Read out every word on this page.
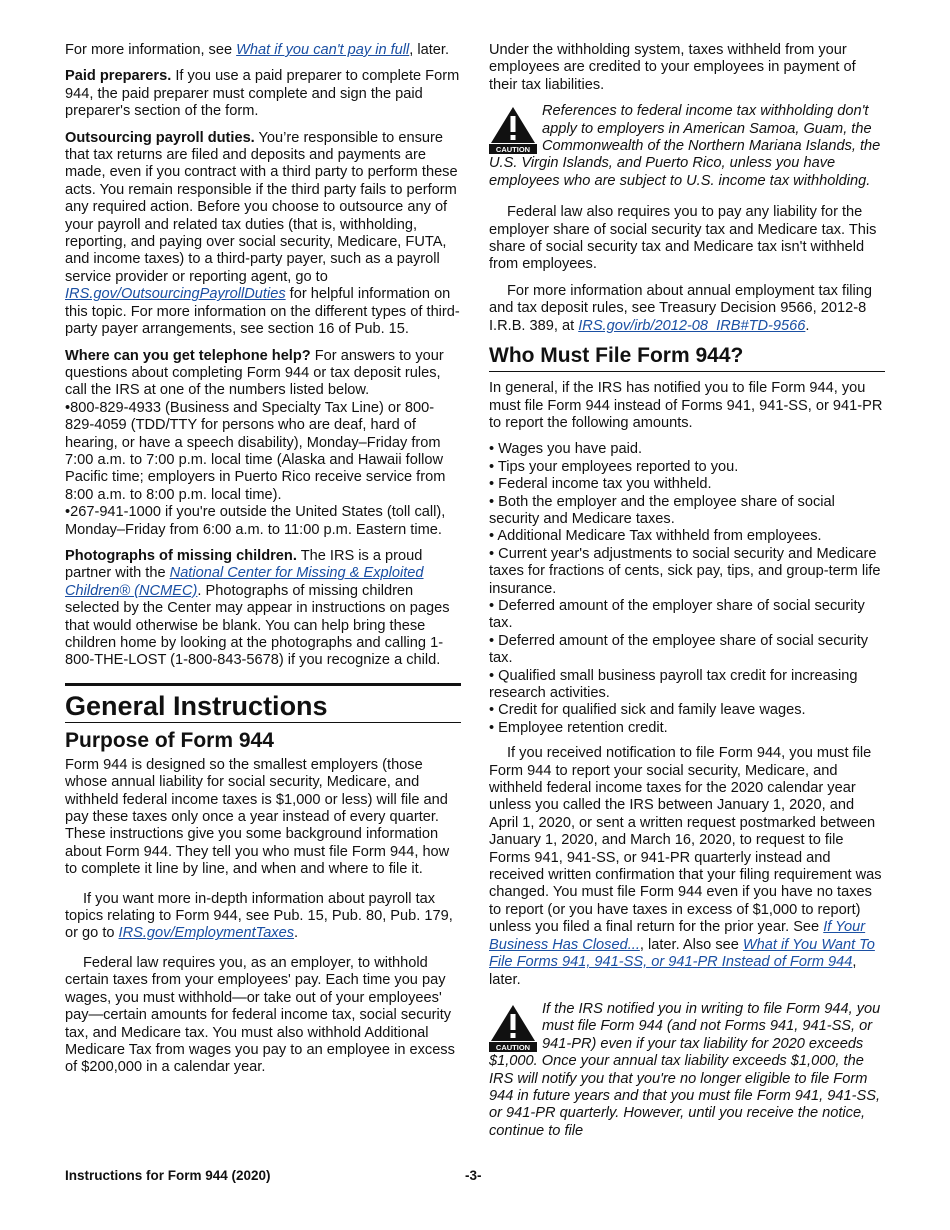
For more information, see What if you can't pay in full, later.

Paid preparers. If you use a paid preparer to complete Form 944, the paid preparer must complete and sign the paid preparer's section of the form.

Outsourcing payroll duties. You’re responsible to ensure that tax returns are filed and deposits and payments are made, even if you contract with a third party to perform these acts. You remain responsible if the third party fails to perform any required action. Before you choose to outsource any of your payroll and related tax duties (that is, withholding, reporting, and paying over social security, Medicare, FUTA, and income taxes) to a third-party payer, such as a payroll service provider or reporting agent, go to IRS.gov/OutsourcingPayrollDuties for helpful information on this topic. For more information on the different types of third-party payer arrangements, see section 16 of Pub. 15.

Where can you get telephone help? For answers to your questions about completing Form 944 or tax deposit rules, call the IRS at one of the numbers listed below.

•800-829-4933 (Business and Specialty Tax Line) or 800-829-4059 (TDD/TTY for persons who are deaf, hard of hearing, or have a speech disability), Monday–Friday from 7:00 a.m. to 7:00 p.m. local time (Alaska and Hawaii follow Pacific time; employers in Puerto Rico receive service from 8:00 a.m. to 8:00 p.m. local time).

•267-941-1000 if you're outside the United States (toll call), Monday–Friday from 6:00 a.m. to 11:00 p.m. Eastern time.

Photographs of missing children. The IRS is a proud partner with the National Center for Missing & Exploited Children® (NCMEC). Photographs of missing children selected by the Center may appear in instructions on pages that would otherwise be blank. You can help bring these children home by looking at the photographs and calling 1-800-THE-LOST (1-800-843-5678) if you recognize a child.

General Instructions
Purpose of Form 944

Form 944 is designed so the smallest employers (those whose annual liability for social security, Medicare, and withheld federal income taxes is $1,000 or less) will file and pay these taxes only once a year instead of every quarter. These instructions give you some background information about Form 944. They tell you who must file Form 944, how to complete it line by line, and when and where to file it.

If you want more in-depth information about payroll tax topics relating to Form 944, see Pub. 15, Pub. 80, Pub. 179, or go to IRS.gov/EmploymentTaxes.

Federal law requires you, as an employer, to withhold certain taxes from your employees' pay. Each time you pay wages, you must withhold—or take out of your employees' pay—certain amounts for federal income tax, social security tax, and Medicare tax. You must also withhold Additional Medicare Tax from wages you pay to an employee in excess of $200,000 in a calendar year.

Under the withholding system, taxes withheld from your employees are credited to your employees in payment of their tax liabilities.

CAUTION

References to federal income tax withholding don't apply to employers in American Samoa, Guam, the Commonwealth of the Northern Mariana Islands, the U.S. Virgin Islands, and Puerto Rico, unless you have employees who are subject to U.S. income tax withholding.

Federal law also requires you to pay any liability for the employer share of social security tax and Medicare tax. This share of social security tax and Medicare tax isn't withheld from employees.

For more information about annual employment tax filing and tax deposit rules, see Treasury Decision 9566, 2012-8 I.R.B. 389, at IRS.gov/irb/2012-08_IRB#TD-9566.

Who Must File Form 944?

In general, if the IRS has notified you to file Form 944, you must file Form 944 instead of Forms 941, 941-SS, or 941-PR to report the following amounts.

• Wages you have paid.

• Tips your employees reported to you.

• Federal income tax you withheld.

• Both the employer and the employee share of social security and Medicare taxes.

• Additional Medicare Tax withheld from employees.

• Current year's adjustments to social security and Medicare taxes for fractions of cents, sick pay, tips, and group-term life insurance.

• Deferred amount of the employer share of social security tax.

• Deferred amount of the employee share of social security tax.

• Qualified small business payroll tax credit for increasing research activities.

• Credit for qualified sick and family leave wages.

• Employee retention credit.

If you received notification to file Form 944, you must file Form 944 to report your social security, Medicare, and withheld federal income taxes for the 2020 calendar year unless you called the IRS between January 1, 2020, and April 1, 2020, or sent a written request postmarked between January 1, 2020, and March 16, 2020, to request to file Forms 941, 941-SS, or 941-PR quarterly instead and received written confirmation that your filing requirement was changed. You must file Form 944 even if you have no taxes to report (or you have taxes in excess of $1,000 to report) unless you filed a final return for the prior year. See If Your Business Has Closed..., later. Also see What if You Want To File Forms 941, 941-SS, or 941-PR Instead of Form 944, later.

CAUTION

If the IRS notified you in writing to file Form 944, you must file Form 944 (and not Forms 941, 941-SS, or 941-PR) even if your tax liability for 2020 exceeds $1,000. Once your annual tax liability exceeds $1,000, the IRS will notify you that you're no longer eligible to file Form 944 in future years and that you must file Form 941, 941-SS, or 941-PR quarterly. However, until you receive the notice, continue to file

Instructions for Form 944 (2020)	-3-
